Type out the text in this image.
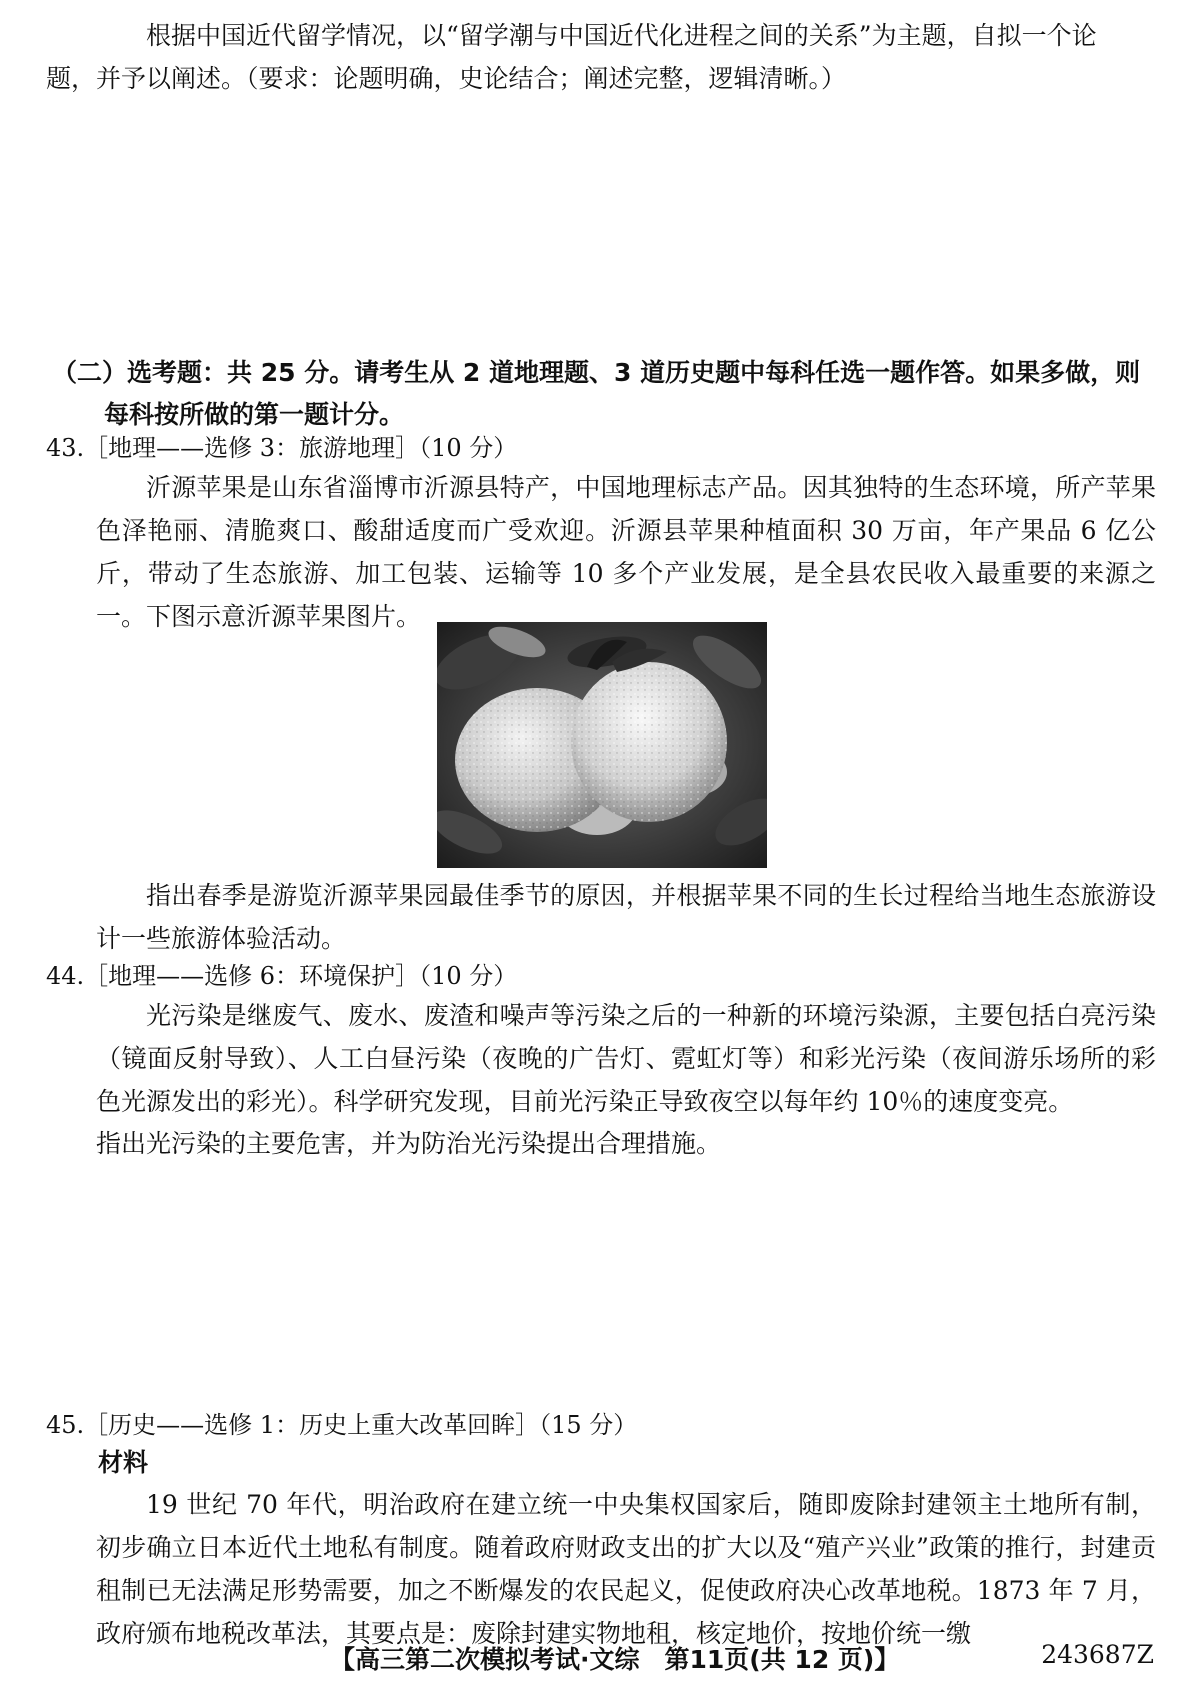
根据中国近代留学情况，以“留学潮与中国近代化进程之间的关系”为主题，自拟一个论
题，并予以阐述。（要求：论题明确，史论结合；阐述完整，逻辑清晰。）

（二）选考题：共 25 分。请考生从 2 道地理题、3 道历史题中每科任选一题作答。如果多做，则
每科按所做的第一题计分。

43.［地理——选修 3：旅游地理］（10 分）

沂源苹果是山东省淄博市沂源县特产，中国地理标志产品。因其独特的生态环境，所产苹果色泽艳丽、清脆爽口、酸甜适度而广受欢迎。沂源县苹果种植面积 30 万亩，年产果品 6 亿公斤，带动了生态旅游、加工包装、运输等 10 多个产业发展，是全县农民收入最重要的来源之一。下图示意沂源苹果图片。

指出春季是游览沂源苹果园最佳季节的原因，并根据苹果不同的生长过程给当地生态旅游设计一些旅游体验活动。

44.［地理——选修 6：环境保护］（10 分）

光污染是继废气、废水、废渣和噪声等污染之后的一种新的环境污染源，主要包括白亮污染（镜面反射导致）、人工白昼污染（夜晚的广告灯、霓虹灯等）和彩光污染（夜间游乐场所的彩色光源发出的彩光）。科学研究发现，目前光污染正导致夜空以每年约 10％的速度变亮。

指出光污染的主要危害，并为防治光污染提出合理措施。

45.［历史——选修 1：历史上重大改革回眸］（15 分）

材料

19 世纪 70 年代，明治政府在建立统一中央集权国家后，随即废除封建领主土地所有制，初步确立日本近代土地私有制度。随着政府财政支出的扩大以及“殖产兴业”政策的推行，封建贡租制已无法满足形势需要，加之不断爆发的农民起义，促使政府决心改革地税。1873 年 7 月，政府颁布地税改革法，其要点是：废除封建实物地租，核定地价，按地价统一缴

【高三第二次模拟考试·文综　第11页(共 12 页)】	243687Z
